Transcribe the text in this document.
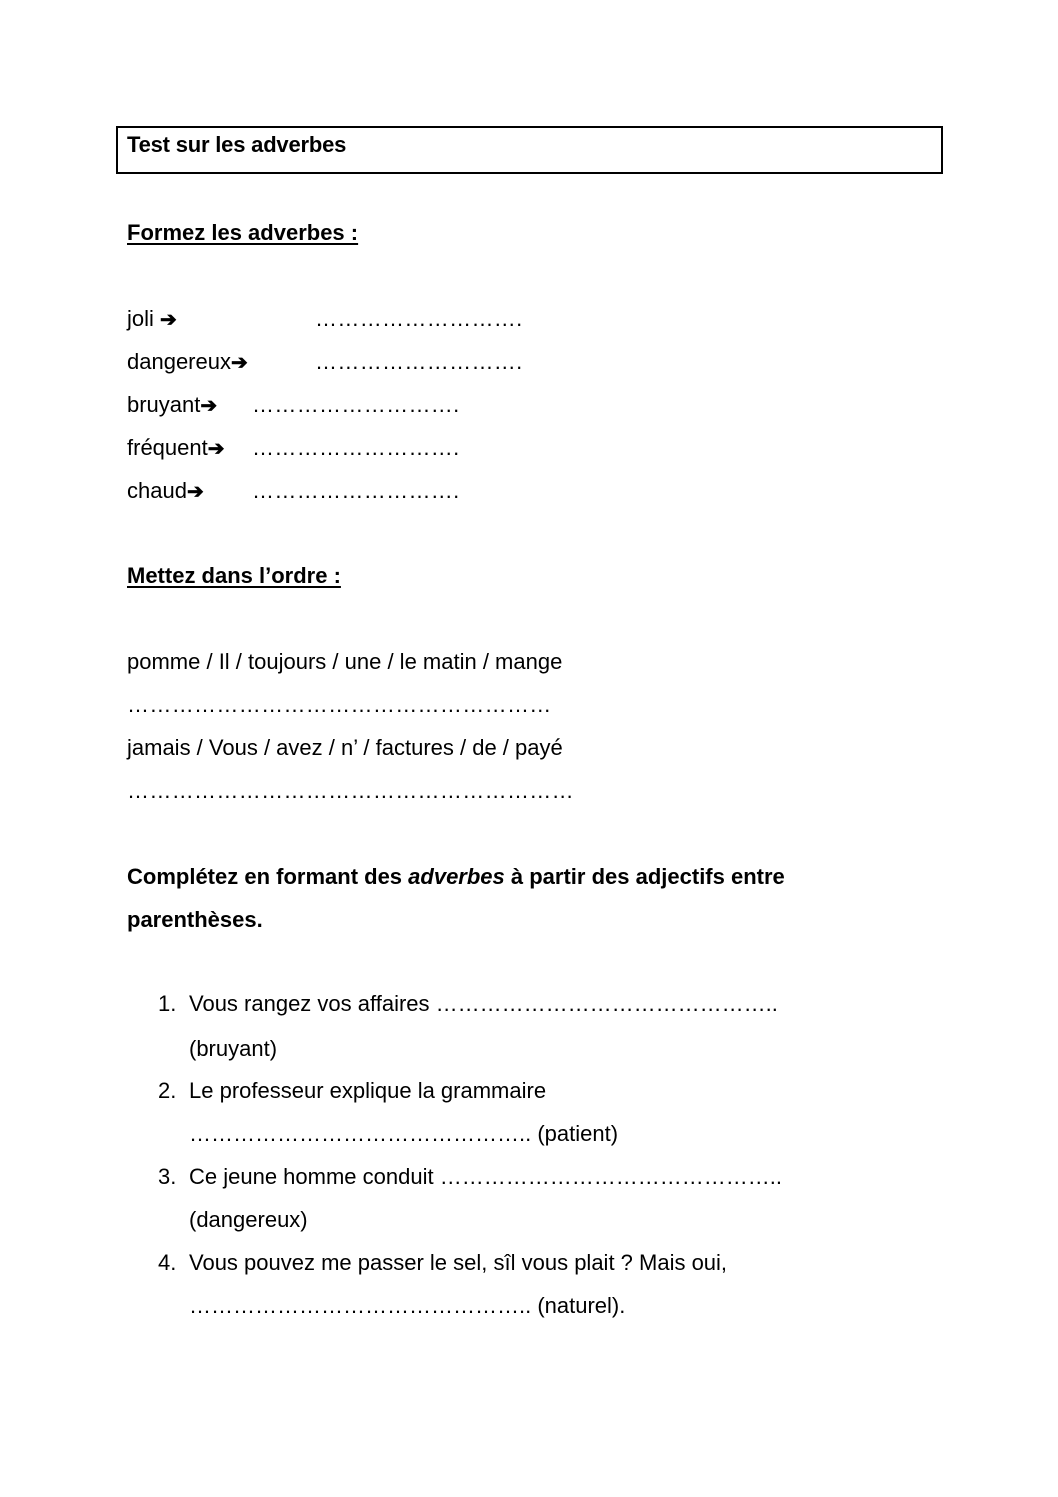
Test sur les adverbes
Formez les adverbes :
joli ➔	……………………….
dangereux➔	……………………….
bruyant➔ ……………………….
fréquent➔ ……………………….
chaud➔ ……………………….
Mettez dans l’ordre :
pomme / Il / toujours / une / le matin / mange
…………………………………………………
jamais / Vous / avez / n’ / factures / de / payé
……………………………………………………
Complétez en formant des adverbes à partir des adjectifs entre
parenthèses.
1. Vous rangez vos affaires ………………………………………..
(bruyant)
2. Le professeur explique la grammaire
……………………………………….. (patient)
3. Ce jeune homme conduit ………………………………………..
(dangereux)
4. Vous pouvez me passer le sel, sîl vous plait ? Mais oui,
……………………………………….. (naturel).
